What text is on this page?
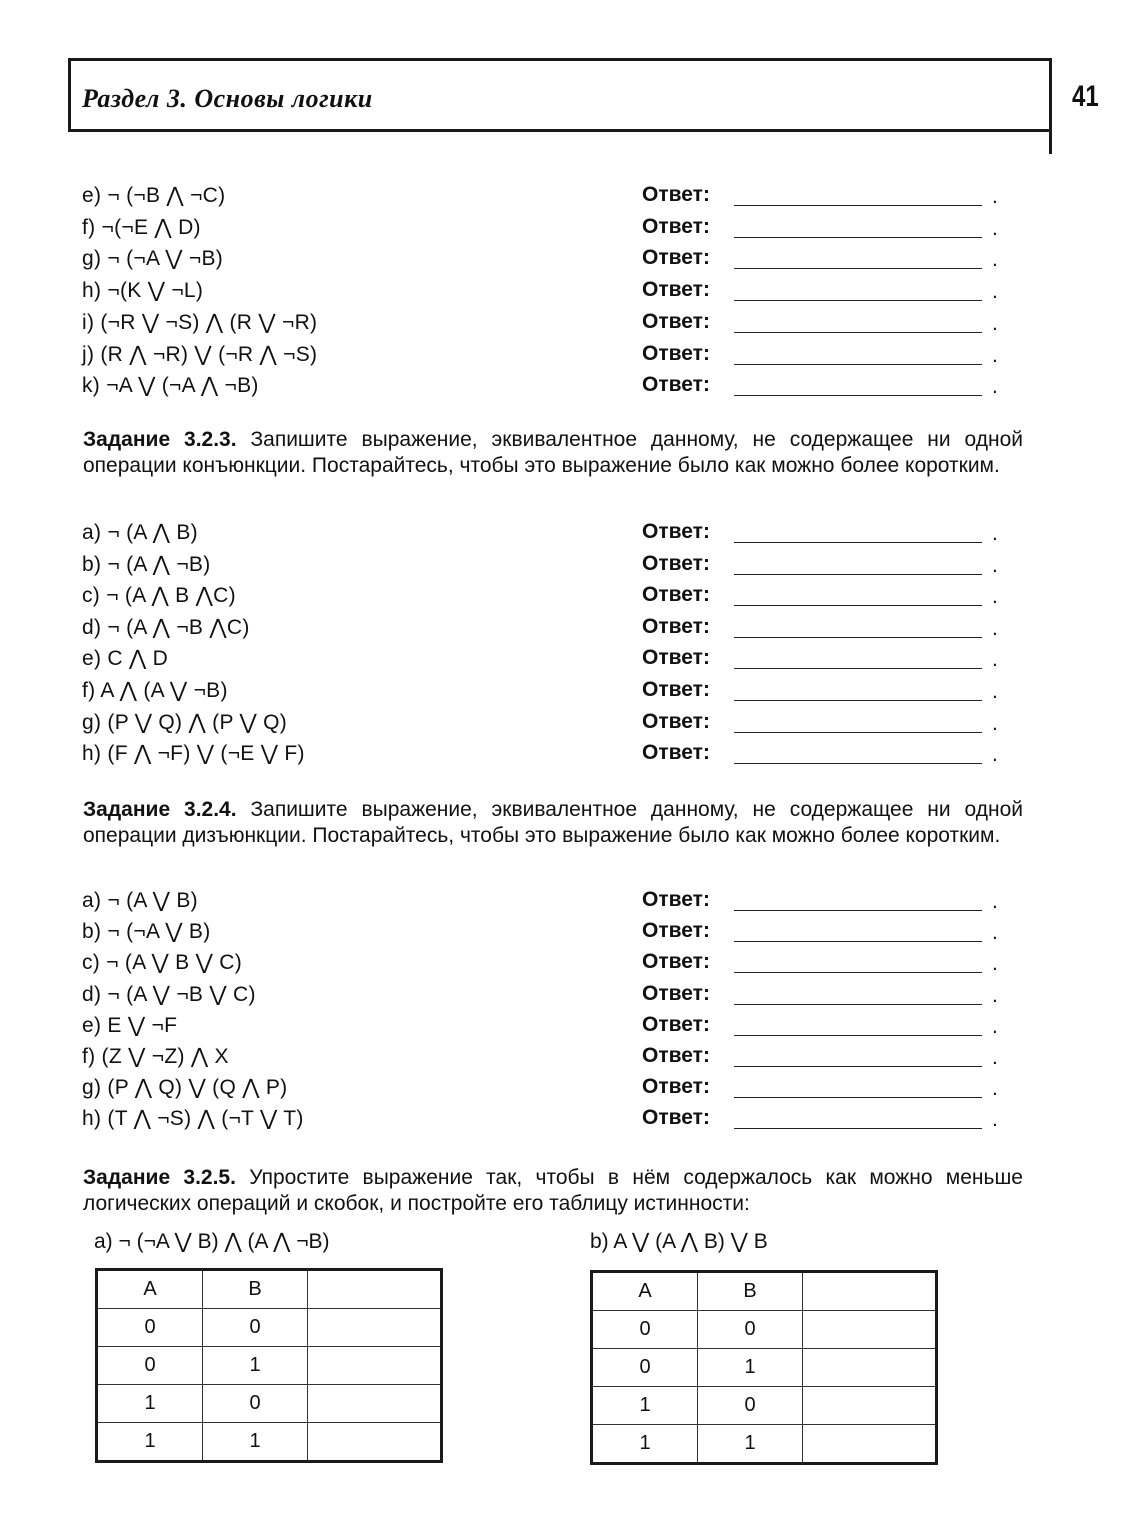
Раздел 3. Основы логики	41
e) ¬ (¬B ⋀ ¬C)	Ответ:	.
f) ¬(¬E ⋀ D)	Ответ:	.
g) ¬ (¬A ⋁ ¬B)	Ответ:	.
h) ¬(K ⋁ ¬L)	Ответ:	.
i) (¬R ⋁ ¬S) ⋀ (R ⋁ ¬R)	Ответ:	.
j) (R ⋀ ¬R) ⋁ (¬R ⋀ ¬S)	Ответ:	.
k) ¬A ⋁ (¬A ⋀ ¬B)	Ответ:	.

Задание 3.2.3. Запишите выражение, эквивалентное данному, не содержащее ни одной операции конъюнкции. Постарайтесь, чтобы это выражение было как можно более коротким.

a) ¬ (A ⋀ B)	Ответ:	.
b) ¬ (A ⋀ ¬B)	Ответ:	.
c) ¬ (A ⋀ B ⋀C)	Ответ:	.
d) ¬ (A ⋀ ¬B ⋀C)	Ответ:	.
e) C ⋀ D	Ответ:	.
f) A ⋀ (A ⋁ ¬B)	Ответ:	.
g) (P ⋁ Q) ⋀ (P ⋁ Q)	Ответ:	.
h) (F ⋀ ¬F) ⋁ (¬E ⋁ F)	Ответ:	.

Задание 3.2.4. Запишите выражение, эквивалентное данному, не содержащее ни одной операции дизъюнкции. Постарайтесь, чтобы это выражение было как можно более коротким.

a) ¬ (A ⋁ B)	Ответ:	.
b) ¬ (¬A ⋁ B)	Ответ:	.
c) ¬ (A ⋁ B ⋁ C)	Ответ:	.
d) ¬ (A ⋁ ¬B ⋁ C)	Ответ:	.
e) E ⋁ ¬F	Ответ:	.
f) (Z ⋁ ¬Z) ⋀ X	Ответ:	.
g) (P ⋀ Q) ⋁ (Q ⋀ P)	Ответ:	.
h) (T ⋀ ¬S) ⋀ (¬T ⋁ T)	Ответ:	.

Задание 3.2.5. Упростите выражение так, чтобы в нём содержалось как можно меньше логических операций и скобок, и постройте его таблицу истинности:

a) ¬ (¬A ⋁ B) ⋀ (A ⋀ ¬B)	b) A ⋁ (A ⋀ B) ⋁ B
A	B	
0	0	
0	1	
1	0	
1	1	
A	B	
0	0	
0	1	
1	0	
1	1	
